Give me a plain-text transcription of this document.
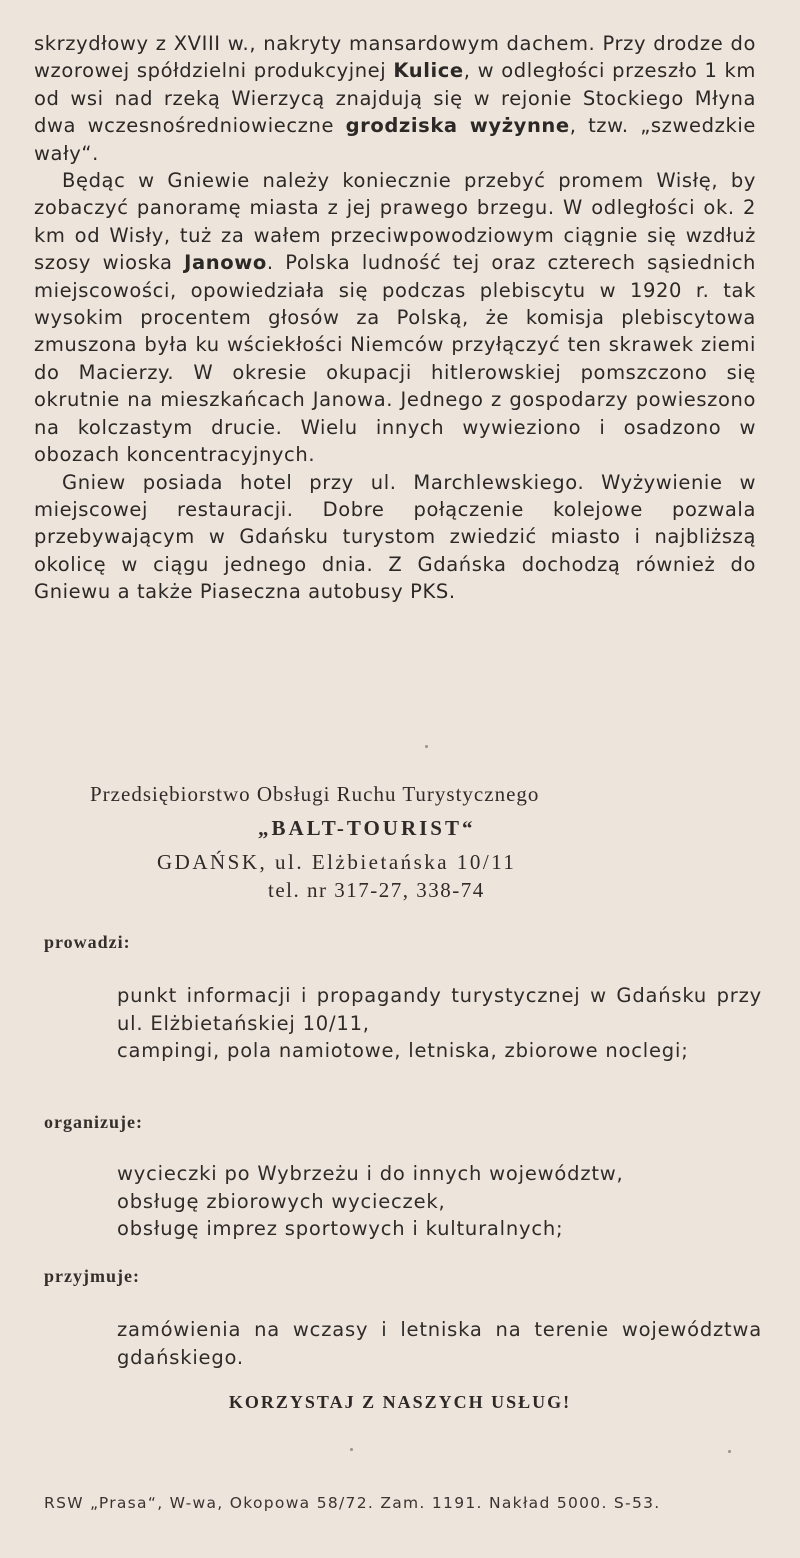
skrzydłowy z XVIII w., nakryty mansardowym dachem. Przy drodze do wzorowej spółdzielni produkcyjnej Kulice, w odległości przeszło 1 km od wsi nad rzeką Wierzycą znajdują się w rejonie Stockiego Młyna dwa wczesnośredniowieczne grodziska wyżynne, tzw. „szwedzkie wały“.

Będąc w Gniewie należy koniecznie przebyć promem Wisłę, by zobaczyć panoramę miasta z jej prawego brzegu. W odległości ok. 2 km od Wisły, tuż za wałem przeciwpowodziowym ciągnie się wzdłuż szosy wioska Janowo. Polska ludność tej oraz czterech sąsiednich miejscowości, opowiedziała się podczas plebiscytu w 1920 r. tak wysokim procentem głosów za Polską, że komisja plebiscytowa zmuszona była ku wściekłości Niemców przyłączyć ten skrawek ziemi do Macierzy. W okresie okupacji hitlerowskiej pomszczono się okrutnie na mieszkańcach Janowa. Jednego z gospodarzy powieszono na kolczastym drucie. Wielu innych wywieziono i osadzono w obozach koncentracyjnych.

Gniew posiada hotel przy ul. Marchlewskiego. Wyżywienie w miejscowej restauracji. Dobre połączenie kolejowe pozwala przebywającym w Gdańsku turystom zwiedzić miasto i najbliższą okolicę w ciągu jednego dnia. Z Gdańska dochodzą również do Gniewu a także Piaseczna autobusy PKS.

Przedsiębiorstwo Obsługi Ruchu Turystycznego
„BALT-TOURIST“
GDAŃSK, ul. Elżbietańska 10/11
tel. nr 317-27, 338-74
prowadzi:
punkt informacji i propagandy turystycznej w Gdańsku przy ul. Elżbietańskiej 10/11,
campingi, pola namiotowe, letniska, zbiorowe noclegi;
organizuje:
wycieczki po Wybrzeżu i do innych województw,
obsługę zbiorowych wycieczek,
obsługę imprez sportowych i kulturalnych;
przyjmuje:
zamówienia na wczasy i letniska na terenie województwa gdańskiego.
KORZYSTAJ Z NASZYCH USŁUG!
RSW „Prasa“, W-wa, Okopowa 58/72. Zam. 1191. Nakład 5000. S-53.
